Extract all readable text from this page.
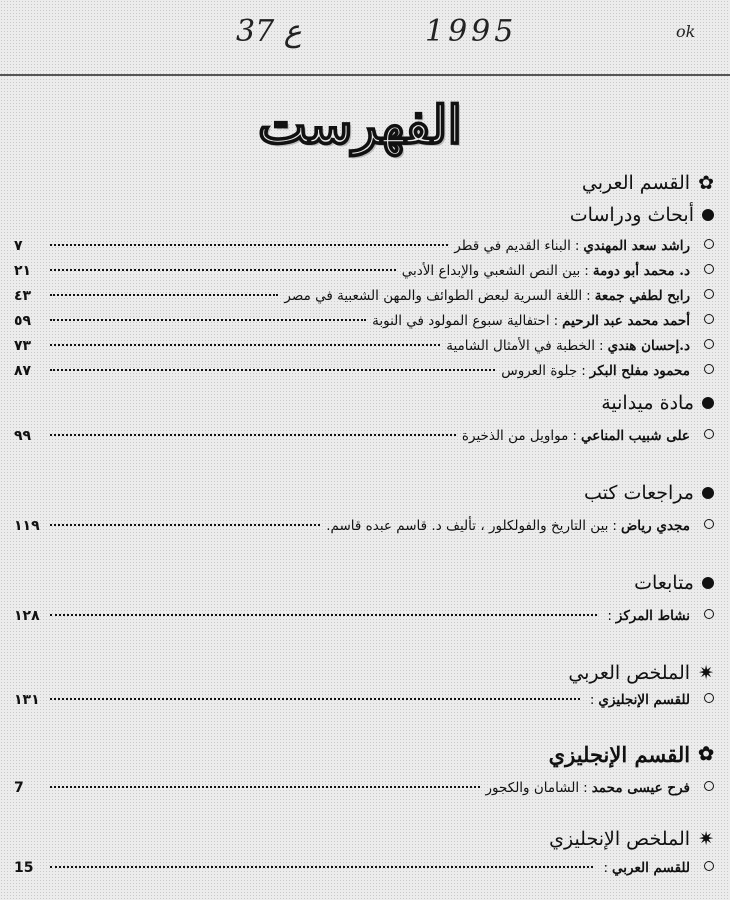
37 ع	1995	ok
الفهرست
✿
القسم العربي
أبحاث ودراسات
راشد سعد المهندي
:
البناء القديم في قطر
٧
د. محمد أبو دومة
:
بين النص الشعبي والإبداع الأدبي
٢١
رابح لطفي جمعة
:
اللغة السرية لبعض الطوائف والمهن الشعبية في مصر
٤٣
أحمد محمد عبد الرحيم
:
احتفالية سبوع المولود في النوبة
٥٩
د.إحسان هندي
:
الخطبة في الأمثال الشامية
٧٣
محمود مفلح البكر
:
جلوة العروس
٨٧
مادة ميدانية
على شبيب المناعي
:
مواويل من الذخيرة
٩٩
مراجعات كتب
مجدي رياض
:
بين التاريخ والفولكلور ، تأليف د. قاسم عبده قاسم.
١١٩
متابعات
نشاط المركز
:
١٢٨
✷
الملخص العربي
للقسم الإنجليزي
:
١٣١
✿
القسم الإنجليزي
فرح عيسى محمد
:
الشامان والكجور
7
✷
الملخص الإنجليزي
للقسم العربي
:
15
